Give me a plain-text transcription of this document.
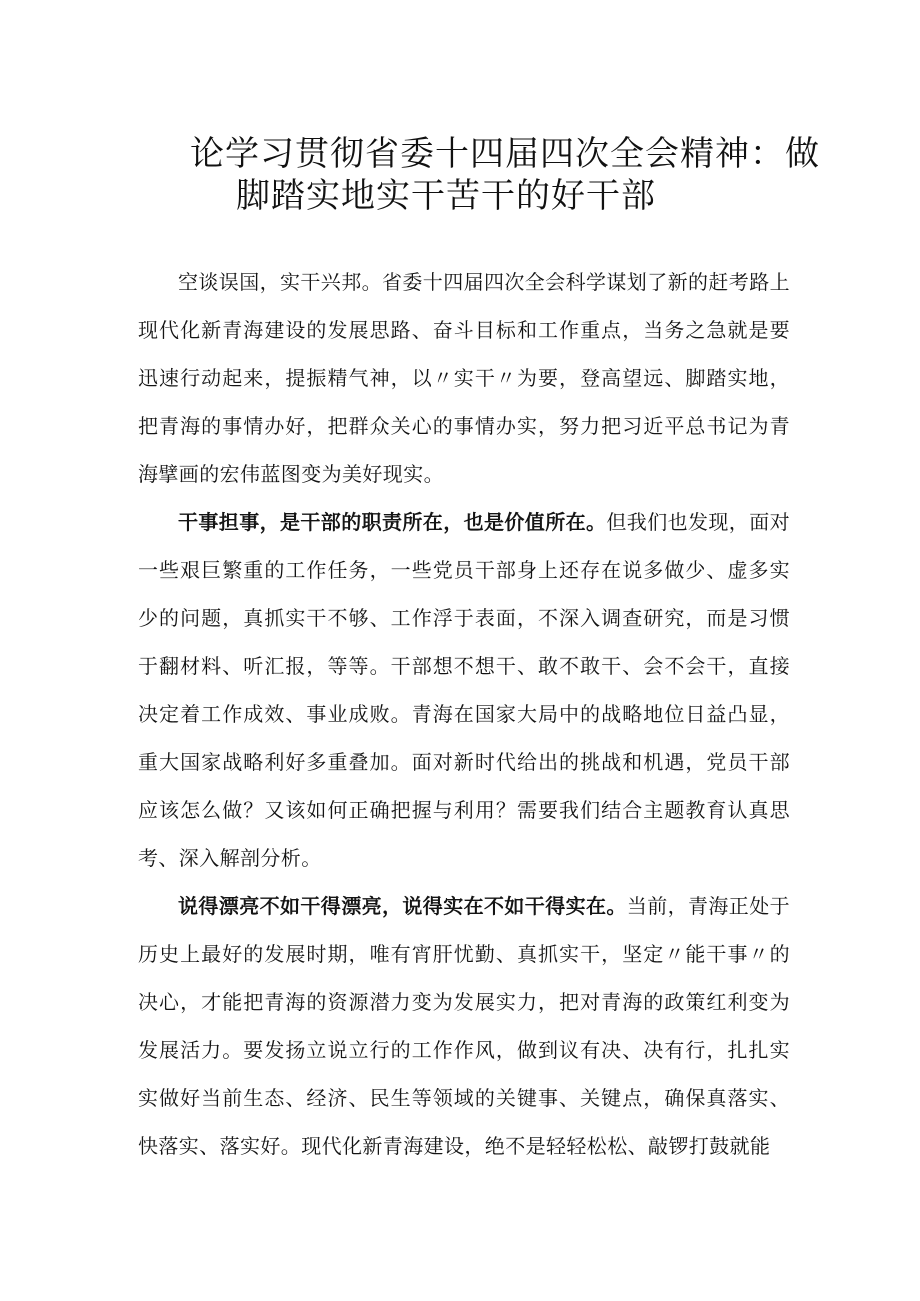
论学习贯彻省委十四届四次全会精神：做
脚踏实地实干苦干的好干部

空谈误国，实干兴邦。省委十四届四次全会科学谋划了新的赶考路上现代化新青海建设的发展思路、奋斗目标和工作重点，当务之急就是要迅速行动起来，提振精气神，以〃实干〃为要，登高望远、脚踏实地，把青海的事情办好，把群众关心的事情办实，努力把习近平总书记为青海擘画的宏伟蓝图变为美好现实。

干事担事，是干部的职责所在，也是价值所在。但我们也发现，面对一些艰巨繁重的工作任务，一些党员干部身上还存在说多做少、虚多实少的问题，真抓实干不够、工作浮于表面，不深入调查研究，而是习惯于翻材料、听汇报，等等。干部想不想干、敢不敢干、会不会干，直接决定着工作成效、事业成败。青海在国家大局中的战略地位日益凸显，重大国家战略利好多重叠加。面对新时代给出的挑战和机遇，党员干部应该怎么做？又该如何正确把握与利用？需要我们结合主题教育认真思考、深入解剖分析。

说得漂亮不如干得漂亮，说得实在不如干得实在。当前，青海正处于历史上最好的发展时期，唯有宵肝忧勤、真抓实干，坚定〃能干事〃的决心，才能把青海的资源潜力变为发展实力，把对青海的政策红利变为发展活力。要发扬立说立行的工作作风，做到议有决、决有行，扎扎实实做好当前生态、经济、民生等领域的关键事、关键点，确保真落实、快落实、落实好。现代化新青海建设，绝不是轻轻松松、敲锣打鼓就能
